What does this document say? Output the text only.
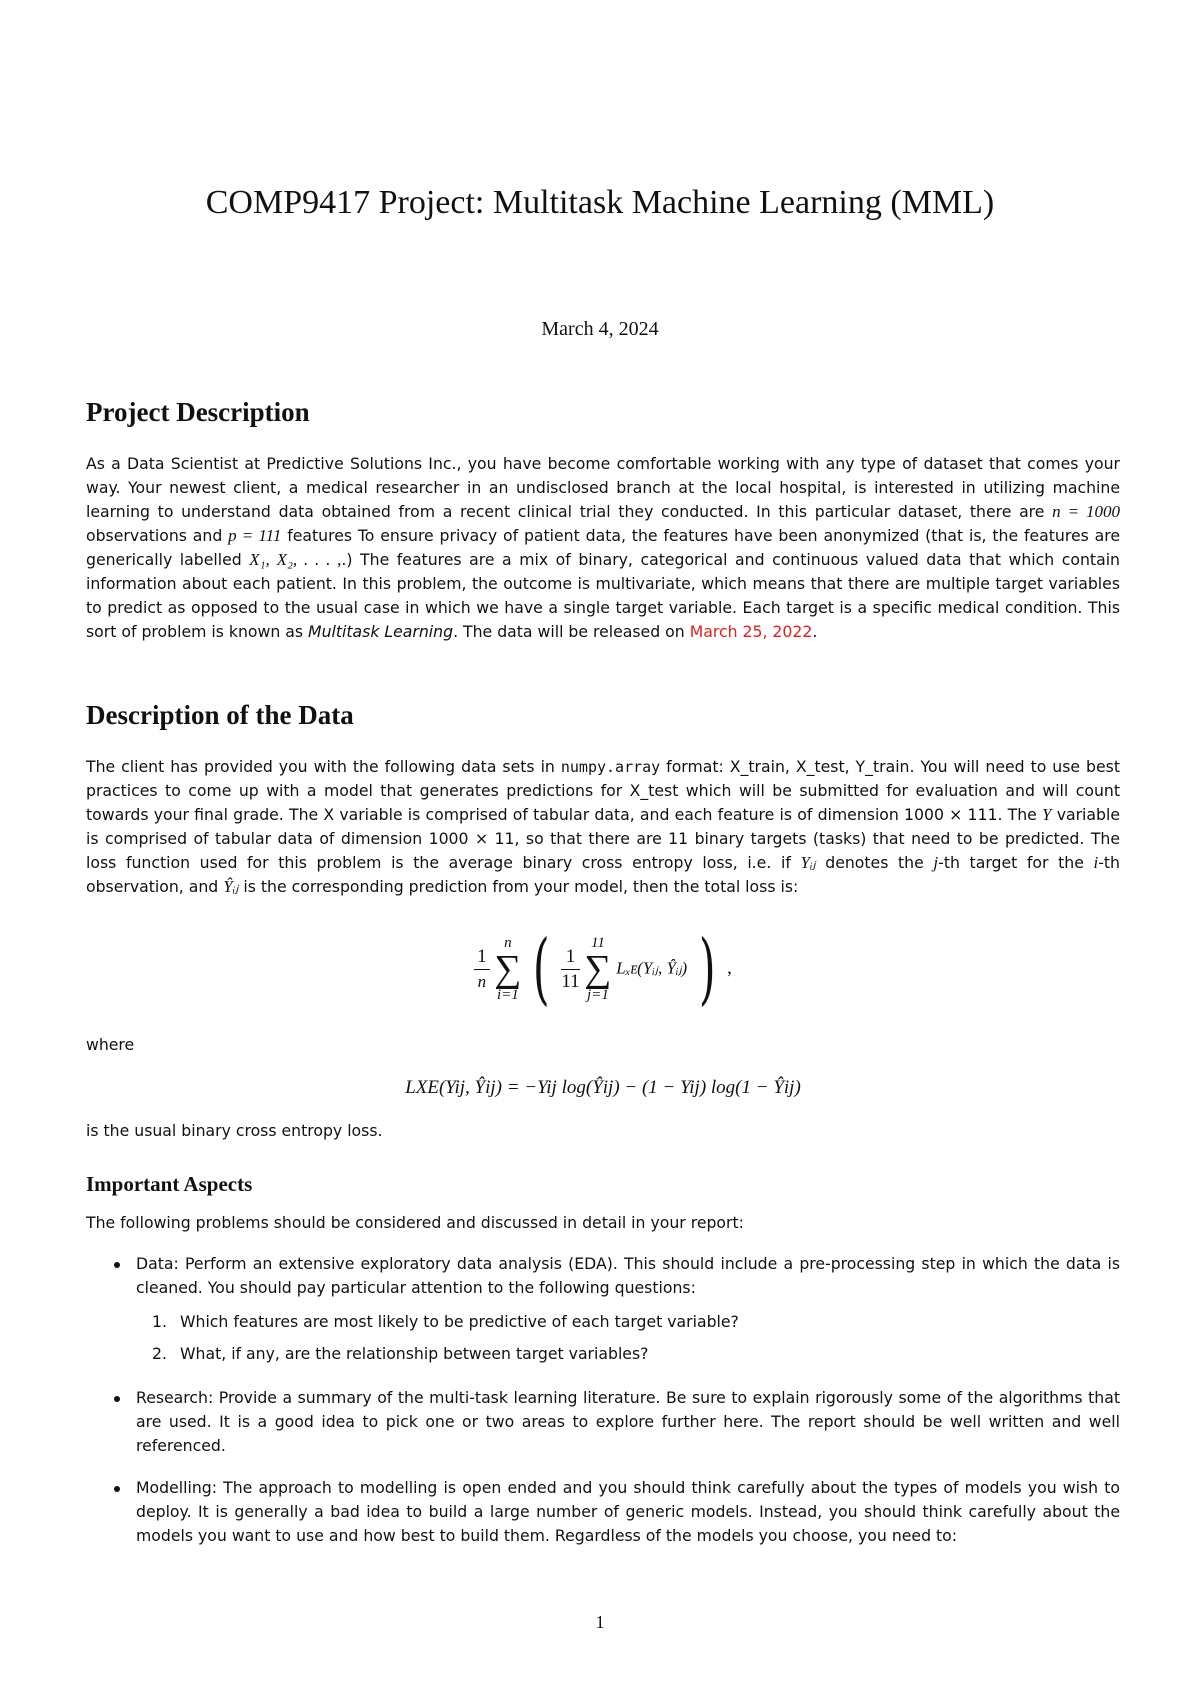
COMP9417 Project: Multitask Machine Learning (MML)
March 4, 2024
Project Description

As a Data Scientist at Predictive Solutions Inc., you have become comfortable working with any type of dataset that comes your way. Your newest client, a medical researcher in an undisclosed branch at the local hospital, is interested in utilizing machine learning to understand data obtained from a recent clinical trial they conducted. In this particular dataset, there are n = 1000 observations and p = 111 features To ensure privacy of patient data, the features have been anonymized (that is, the features are generically labelled X₁, X₂, . . . ,.) The features are a mix of binary, categorical and continuous valued data that which contain information about each patient. In this problem, the outcome is multivariate, which means that there are multiple target variables to predict as opposed to the usual case in which we have a single target variable. Each target is a specific medical condition. This sort of problem is known as Multitask Learning. The data will be released on March 25, 2022.

Description of the Data

The client has provided you with the following data sets in numpy.array format: X_train, X_test, Y_train. You will need to use best practices to come up with a model that generates predictions for X_test which will be submitted for evaluation and will count towards your final grade. The X variable is comprised of tabular data, and each feature is of dimension 1000 × 111. The Y variable is comprised of tabular data of dimension 1000 × 11, so that there are 11 binary targets (tasks) that need to be predicted. The loss function used for this problem is the average binary cross entropy loss, i.e. if Yᵢⱼ denotes the j-th target for the i-th observation, and Ŷᵢⱼ is the corresponding prediction from your model, then the total loss is:

$\frac{1}{n}$

n
∑
i=1 ( $\frac{1}{11}$

11
∑
j=1
Lₓᴇ(Yᵢⱼ, Ŷᵢⱼ) ) ,

where

LXE(Yij, Ŷij) = −Yij log(Ŷij) − (1 − Yij) log(1 − Ŷij)

is the usual binary cross entropy loss.

Important Aspects

The following problems should be considered and discussed in detail in your report:

Data: Perform an extensive exploratory data analysis (EDA). This should include a pre-processing step in which the data is cleaned. You should pay particular attention to the following questions:
1. Which features are most likely to be predictive of each target variable?
2. What, if any, are the relationship between target variables?
Research: Provide a summary of the multi-task learning literature. Be sure to explain rigorously some of the algorithms that are used. It is a good idea to pick one or two areas to explore further here. The report should be well written and well referenced.
Modelling: The approach to modelling is open ended and you should think carefully about the types of models you wish to deploy. It is generally a bad idea to build a large number of generic models. Instead, you should think carefully about the models you want to use and how best to build them. Regardless of the models you choose, you need to:
1
